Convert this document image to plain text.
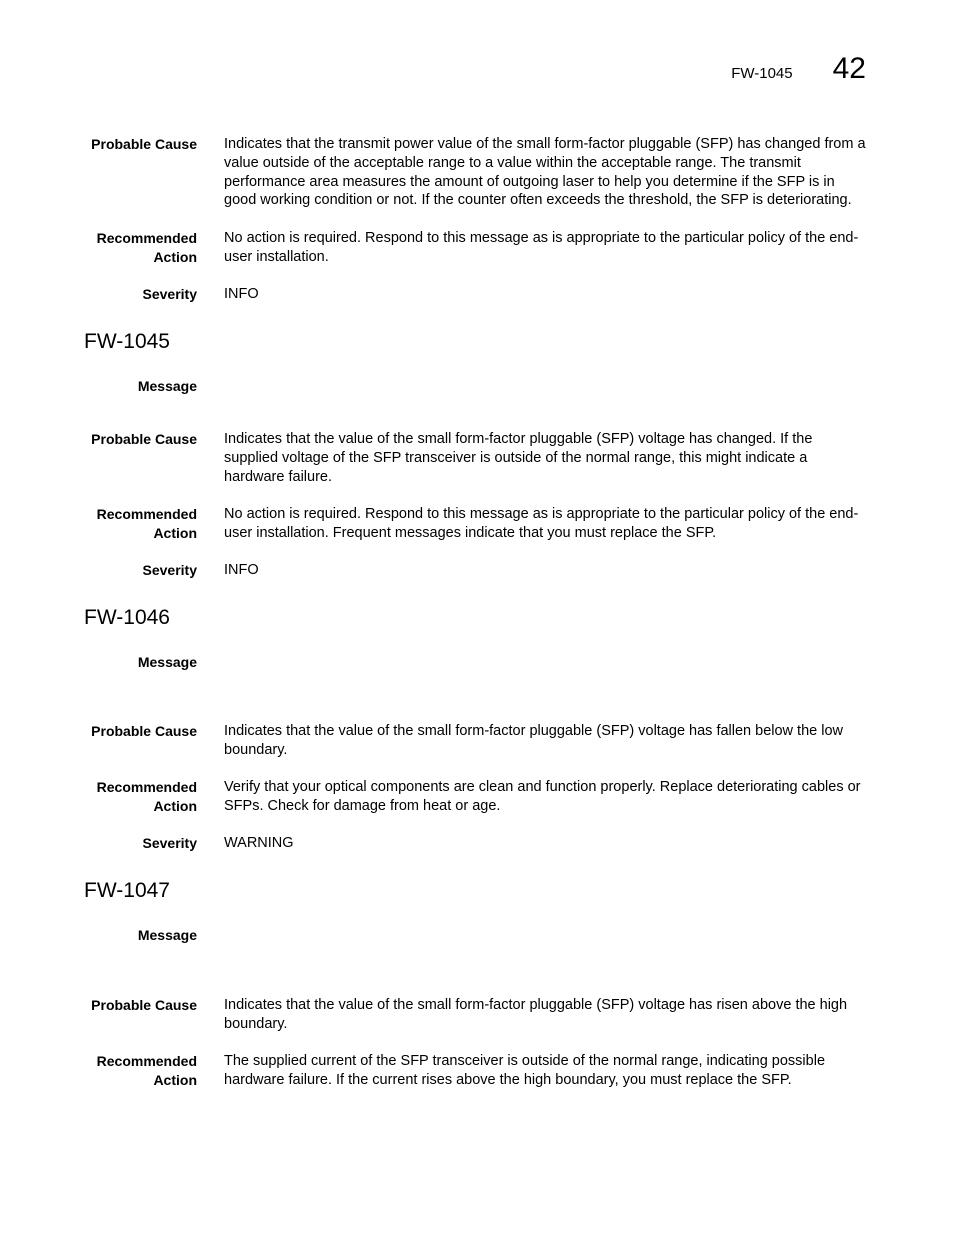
FW-1045 42
Probable Cause Indicates that the transmit power value of the small form-factor pluggable (SFP) has changed from a value outside of the acceptable range to a value within the acceptable range. The transmit performance area measures the amount of outgoing laser to help you determine if the SFP is in good working condition or not. If the counter often exceeds the threshold, the SFP is deteriorating.
Recommended
Action
No action is required. Respond to this message as is appropriate to the particular policy of the end-user installation.
Severity INFO
FW-1045
Message
Probable Cause Indicates that the value of the small form-factor pluggable (SFP) voltage has changed. If the supplied voltage of the SFP transceiver is outside of the normal range, this might indicate a hardware failure.
Recommended
Action
No action is required. Respond to this message as is appropriate to the particular policy of the end-user installation. Frequent messages indicate that you must replace the SFP.
Severity INFO
FW-1046
Message
Probable Cause Indicates that the value of the small form-factor pluggable (SFP) voltage has fallen below the low boundary.
Recommended
Action
Verify that your optical components are clean and function properly. Replace deteriorating cables or SFPs. Check for damage from heat or age.
Severity WARNING
FW-1047
Message
Probable Cause Indicates that the value of the small form-factor pluggable (SFP) voltage has risen above the high boundary.
Recommended
Action
The supplied current of the SFP transceiver is outside of the normal range, indicating possible hardware failure. If the current rises above the high boundary, you must replace the SFP.
